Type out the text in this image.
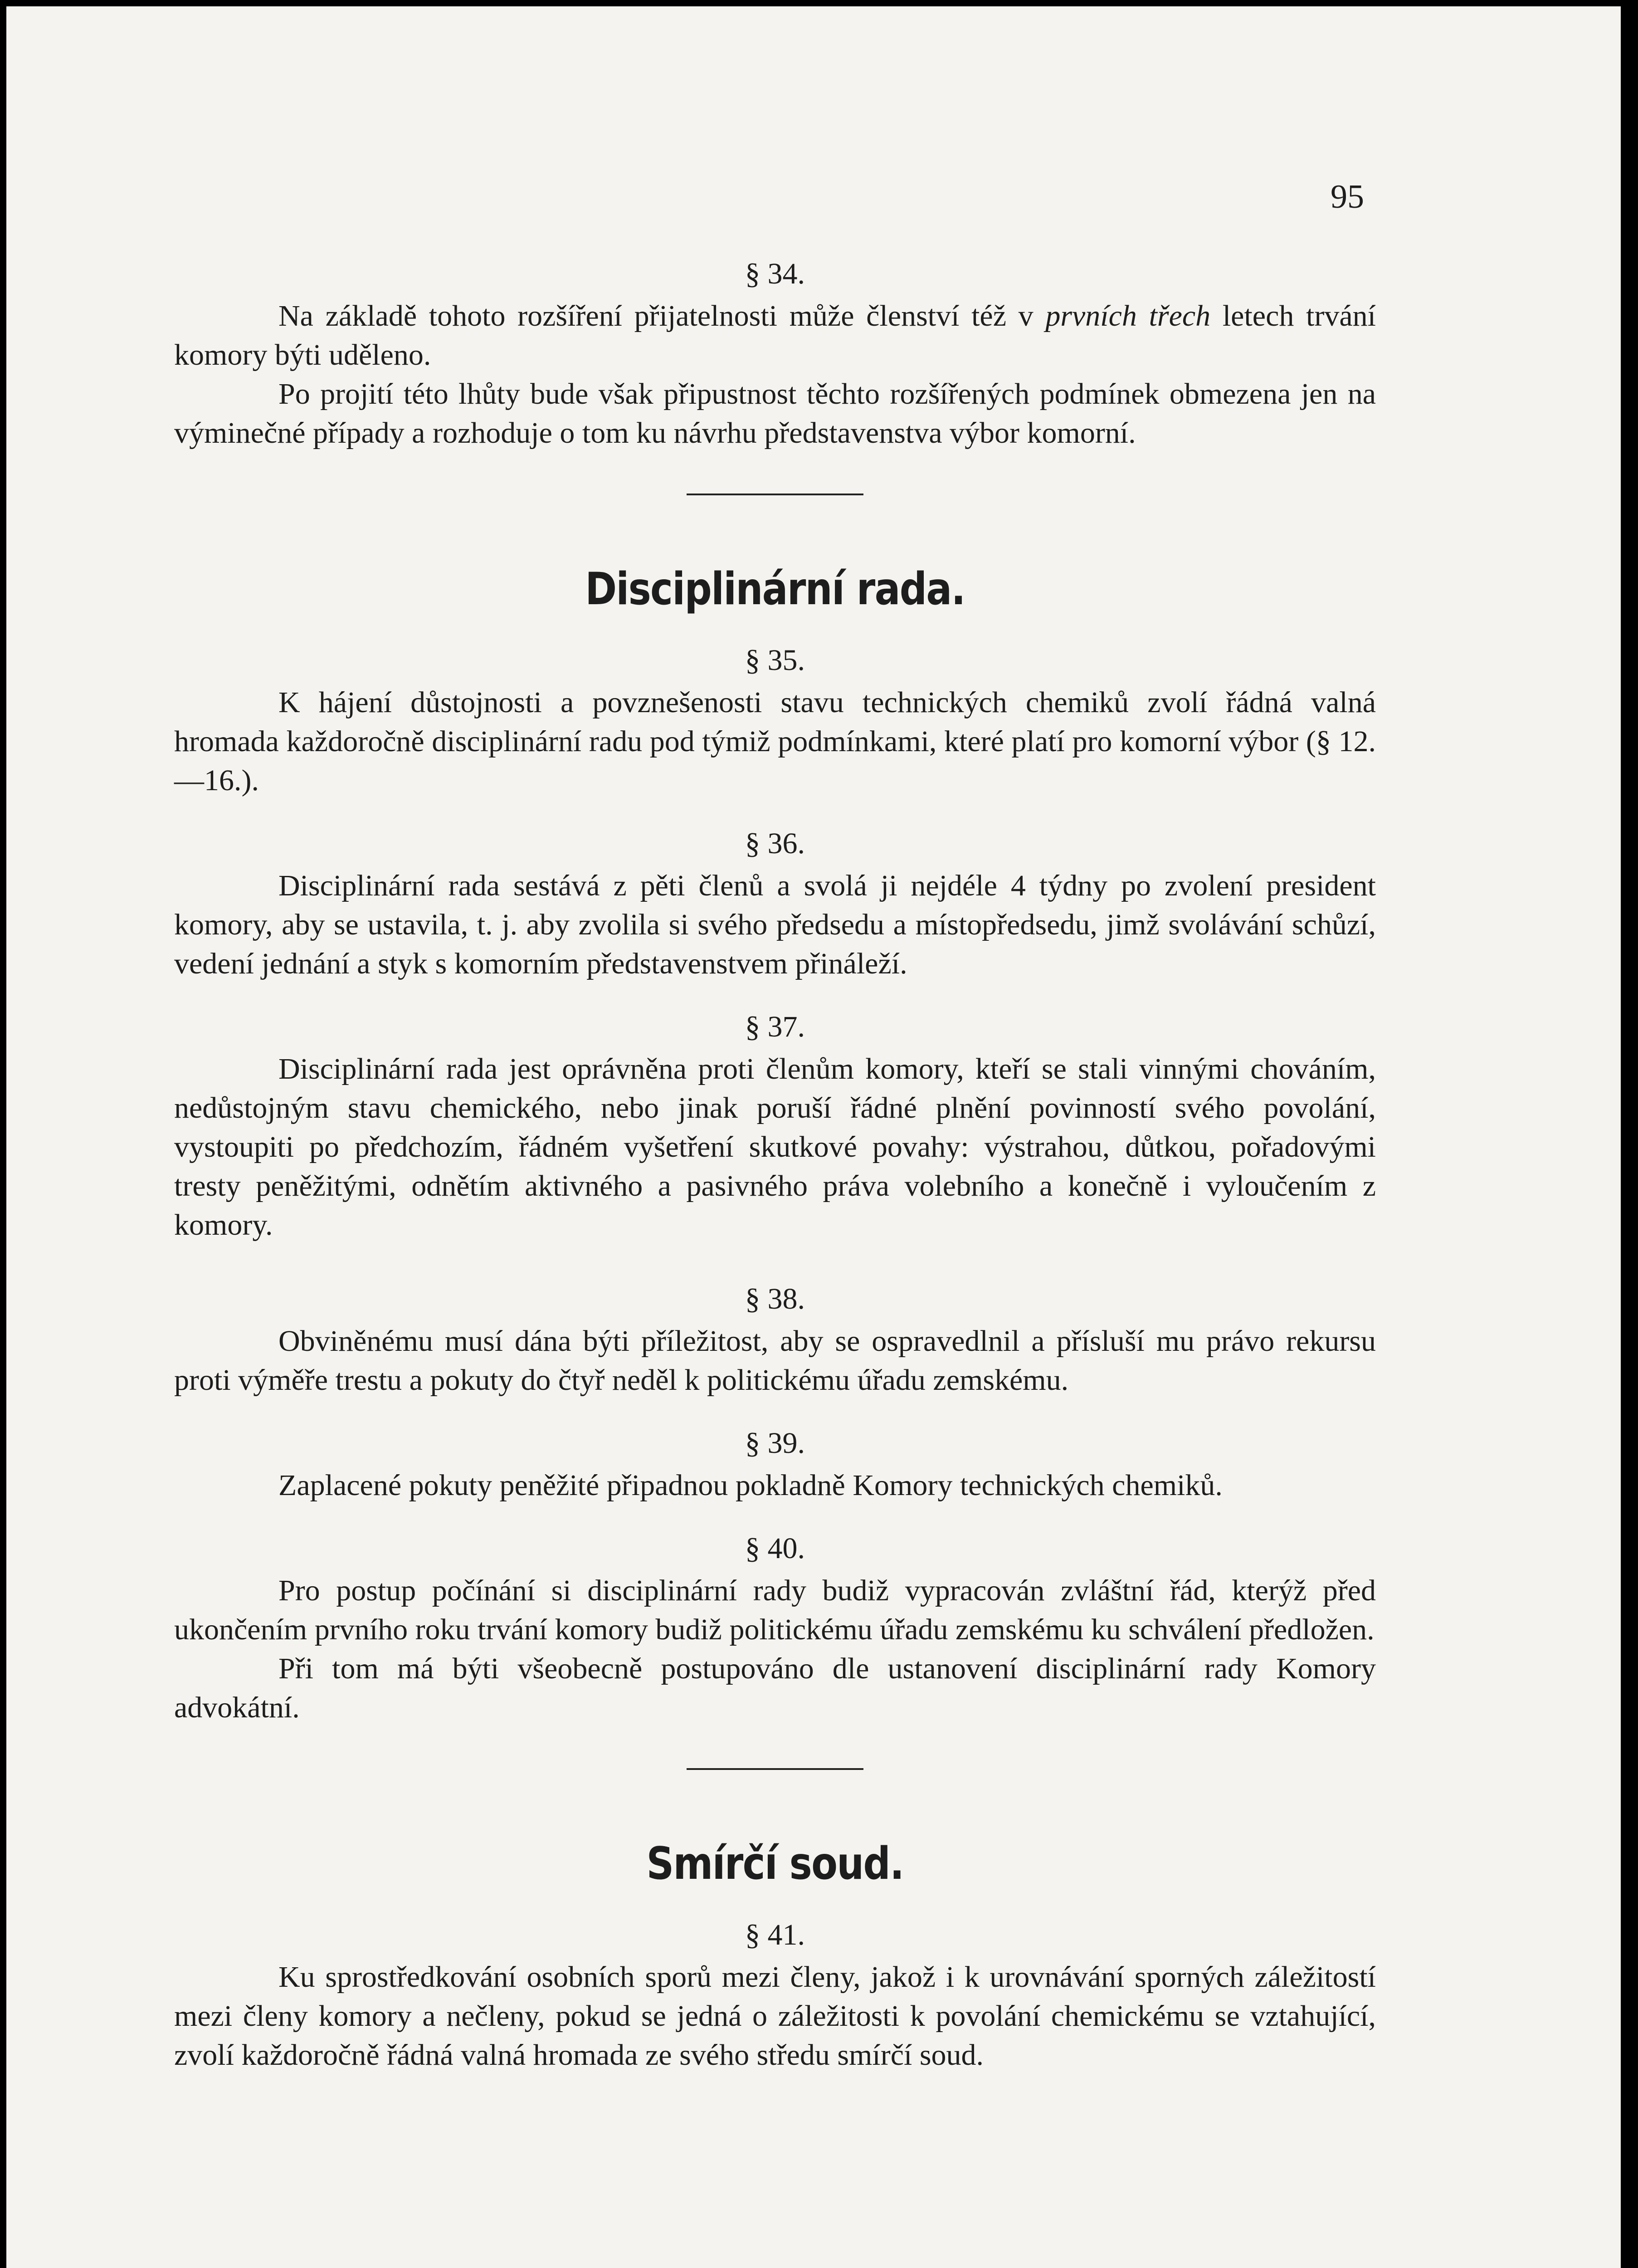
95
§ 34.

Na základě tohoto rozšíření přijatelnosti může členství též v prvních třech letech trvání komory býti uděleno.

Po projití této lhůty bude však připustnost těchto rozšířených podmínek obmezena jen na výminečné případy a rozhoduje o tom ku návrhu představenstva výbor komorní.

Disciplinární rada.
§ 35.

K hájení důstojnosti a povznešenosti stavu technických chemiků zvolí řádná valná hromada každoročně disciplinární radu pod týmiž podmínkami, které platí pro komorní výbor (§ 12.—16.).

§ 36.

Disciplinární rada sestává z pěti členů a svolá ji nejdéle 4 týdny po zvolení president komory, aby se ustavila, t. j. aby zvolila si svého předsedu a místopředsedu, jimž svolávání schůzí, vedení jednání a styk s komorním představenstvem přináleží.

§ 37.

Disciplinární rada jest oprávněna proti členům komory, kteří se stali vinnými chováním, nedůstojným stavu chemického, nebo jinak poruší řádné plnění povinností svého povolání, vystoupiti po předchozím, řádném vyšetření skutkové povahy: výstrahou, důtkou, pořadovými tresty peněžitými, odnětím aktivného a pasivného práva volebního a konečně i vyloučením z komory.

§ 38.

Obviněnému musí dána býti příležitost, aby se ospravedlnil a přísluší mu právo rekursu proti výměře trestu a pokuty do čtyř neděl k politickému úřadu zemskému.

§ 39.

Zaplacené pokuty peněžité připadnou pokladně Komory technických chemiků.

§ 40.

Pro postup počínání si disciplinární rady budiž vypracován zvláštní řád, kterýž před ukončením prvního roku trvání komory budiž politickému úřadu zemskému ku schválení předložen.

Při tom má býti všeobecně postupováno dle ustanovení disciplinární rady Komory advokátní.

Smírčí soud.
§ 41.

Ku sprostředkování osobních sporů mezi členy, jakož i k urovnávání sporných záležitostí mezi členy komory a nečleny, pokud se jedná o záležitosti k povolání chemickému se vztahující, zvolí každoročně řádná valná hromada ze svého středu smírčí soud.
